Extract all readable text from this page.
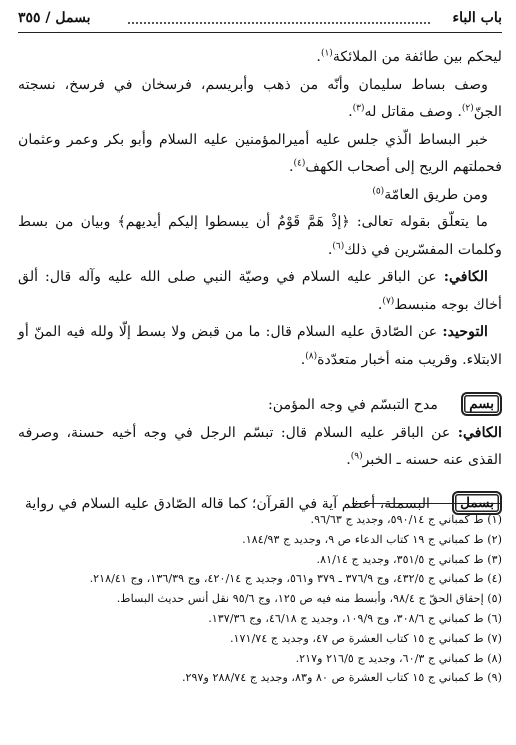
باب الباء
بسمل / ٣٥٥

ليحكم بين طائفة من الملائكة$^{(١)}$.

وصف بساط سليمان وأنّه من ذهب وأبريسم، فرسخان في فرسخ، نسجته الجنّ$^{(٢)}$. وصف مقاتل له$^{(٣)}$.

خبر البساط الّذي جلس عليه أميرالمؤمنين عليه السلام وأبو بكر وعمر وعثمان فحملتهم الريح إلى أصحاب الكهف$^{(٤)}$.

ومن طريق العامّة$^{(٥)}$

ما يتعلّق بقوله تعالى: ﴿إذْ هَمَّ قَوْمٌ أن يبسطوا إليكم أيديهم﴾ وبيان من بسط وكلمات المفسّرين في ذلك$^{(٦)}$.

الكافي: عن الباقر عليه السلام في وصيّة النبي صلى الله عليه وآله قال: ألق أخاك بوجه منبسط$^{(٧)}$.

التوحيد: عن الصّادق عليه السلام قال: ما من قبض ولا بسط إلّا ولله فيه المنّ أو الابتلاء. وقريب منه أخبار متعدّدة$^{(٨)}$.

بسم

مدح التبسّم في وجه المؤمن:

الكافي: عن الباقر عليه السلام قال: تبسّم الرجل في وجه أخيه حسنة، وصرفه القذى عنه حسنه ـ الخبر$^{(٩)}$.

بسمل

البسملة، أعظم آية في القرآن؛ كما قاله الصّادق عليه السلام في رواية

(١) ط كمباني ج ٥٩٠/١٤، وجديد ج ٩٦/٦٣.

(٢) ط كمباني ج ١٩ كتاب الدعاء ص ٩، وجديد ج ١٨٤/٩٣.

(٣) ط كمباني ج ٣٥١/٥، وجديد ج ٨١/١٤.

(٤) ط كمباني ج ٤٣٢/٥، وج ٣٧٦/٩ ـ ٣٧٩ و٥٦١، وجديد ج ٤٢٠/١٤، وج ١٣٦/٣٩، وج ٢١٨/٤١.

(٥) إحقاق الحقّ ج ٩٨/٤، وأبسط منه فيه ص ١٢٥، وج ٩٥/٦ نقل أنس حديث البساط.

(٦) ط كمباني ج ٣٠٨/٦، وج ١٠٩/٩، وجديد ج ٤٦/١٨، وج ١٣٧/٣٦.

(٧) ط كمباني ج ١٥ كتاب العشرة ص ٤٧، وجديد ج ١٧١/٧٤.

(٨) ط كمباني ج ٦٠/٣، وجديد ج ٢١٦/٥ و٢١٧.

(٩) ط كمباني ج ١٥ كتاب العشرة ص ٨٠ و٨٣، وجديد ج ٢٨٨/٧٤ و٢٩٧.
